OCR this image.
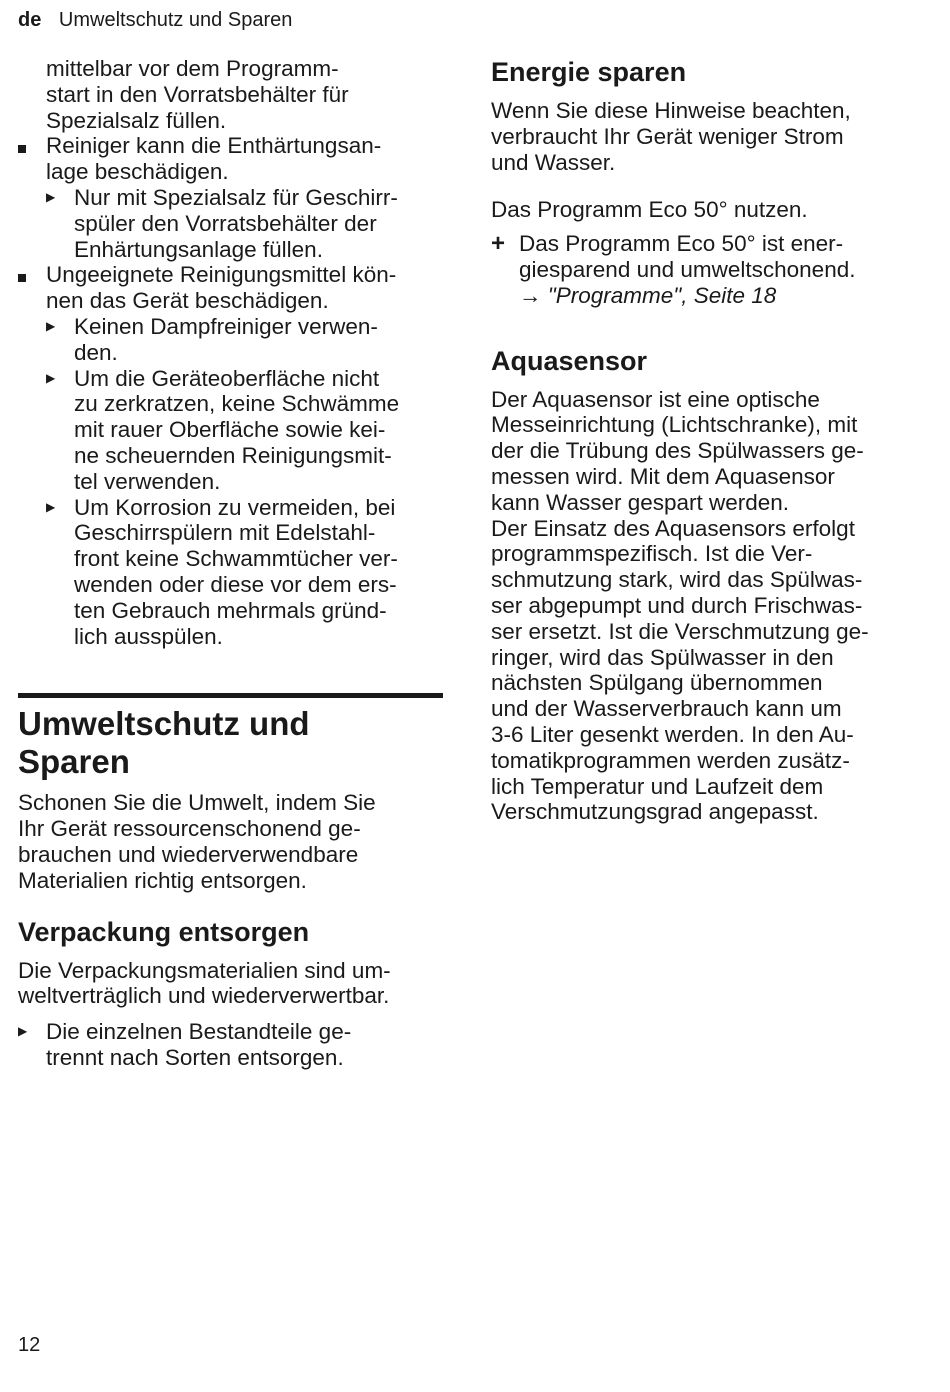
de Umweltschutz und Sparen
mittelbar vor dem Programm-
start in den Vorratsbehälter für
Spezialsalz füllen.
Reiniger kann die Enthärtungsan-
lage beschädigen.
▶ Nur mit Spezialsalz für Geschirr-
spüler den Vorratsbehälter der
Enhärtungsanlage füllen.
Ungeeignete Reinigungsmittel kön-
nen das Gerät beschädigen.
▶ Keinen Dampfreiniger verwen-
den.
▶ Um die Geräteoberfläche nicht
zu zerkratzen, keine Schwämme
mit rauer Oberfläche sowie kei-
ne scheuernden Reinigungsmit-
tel verwenden.
▶ Um Korrosion zu vermeiden, bei
Geschirrspülern mit Edelstahl-
front keine Schwammtücher ver-
wenden oder diese vor dem ers-
ten Gebrauch mehrmals gründ-
lich ausspülen.
Umweltschutz und
Sparen
Schonen Sie die Umwelt, indem Sie
Ihr Gerät ressourcenschonend ge-
brauchen und wiederverwendbare
Materialien richtig entsorgen.
Verpackung entsorgen
Die Verpackungsmaterialien sind um-
weltverträglich und wiederverwertbar.
▶ Die einzelnen Bestandteile ge-
trennt nach Sorten entsorgen.
Energie sparen
Wenn Sie diese Hinweise beachten,
verbraucht Ihr Gerät weniger Strom
und Wasser.
Das Programm Eco 50° nutzen.
+ Das Programm Eco 50° ist ener-
giesparend und umweltschonend.
→ "Programme", Seite 18
Aquasensor
Der Aquasensor ist eine optische
Messeinrichtung (Lichtschranke), mit
der die Trübung des Spülwassers ge-
messen wird. Mit dem Aquasensor
kann Wasser gespart werden.
Der Einsatz des Aquasensors erfolgt
programmspezifisch. Ist die Ver-
schmutzung stark, wird das Spülwas-
ser abgepumpt und durch Frischwas-
ser ersetzt. Ist die Verschmutzung ge-
ringer, wird das Spülwasser in den
nächsten Spülgang übernommen
und der Wasserverbrauch kann um
3-6 Liter gesenkt werden. In den Au-
tomatikprogrammen werden zusätz-
lich Temperatur und Laufzeit dem
Verschmutzungsgrad angepasst.
12
